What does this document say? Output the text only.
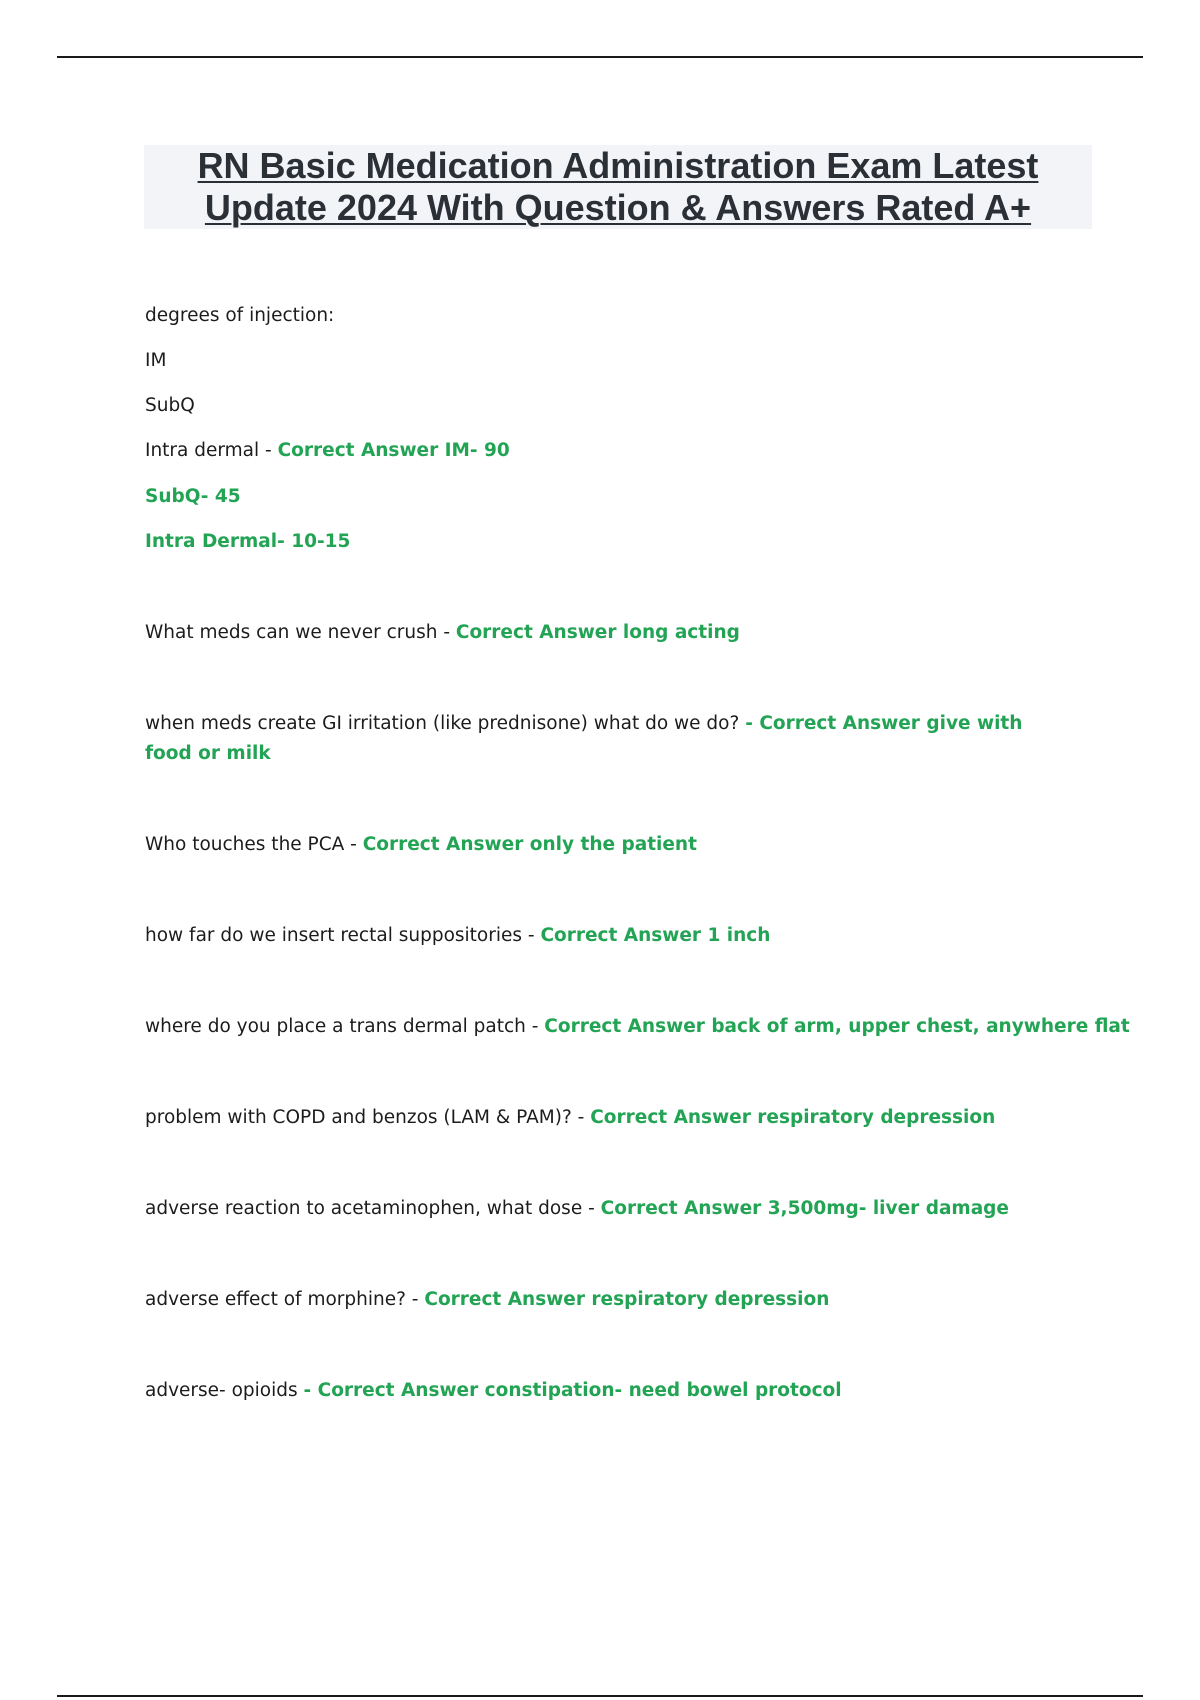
RN Basic Medication Administration Exam Latest
Update 2024 With Question & Answers Rated A+
degrees of injection:
IM
SubQ
Intra dermal - Correct Answer IM- 90
SubQ- 45
Intra Dermal- 10-15
What meds can we never crush - Correct Answer long acting
when meds create GI irritation (like prednisone) what do we do? - Correct Answer give with food or milk
Who touches the PCA - Correct Answer only the patient
how far do we insert rectal suppositories - Correct Answer 1 inch
where do you place a trans dermal patch - Correct Answer back of arm, upper chest, anywhere flat
problem with COPD and benzos (LAM & PAM)? - Correct Answer respiratory depression
adverse reaction to acetaminophen, what dose - Correct Answer 3,500mg- liver damage
adverse effect of morphine? - Correct Answer respiratory depression
adverse- opioids - Correct Answer constipation- need bowel protocol
